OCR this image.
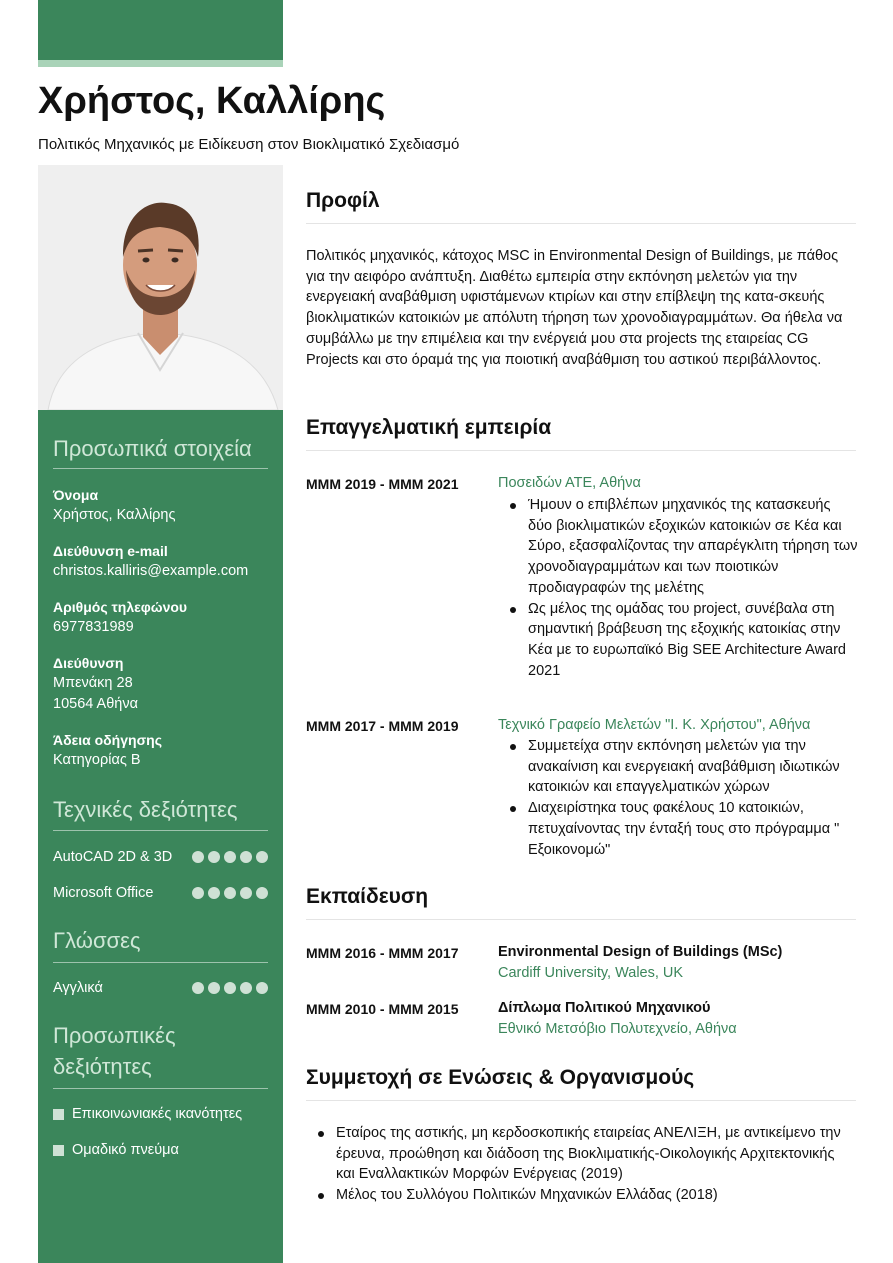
Χρήστος, Καλλίρης
Πολιτικός Μηχανικός με Ειδίκευση στον Βιοκλιματικό Σχεδιασμό
Προσωπικά στοιχεία
Όνομα
Χρήστος, Καλλίρης
Διεύθυνση e-mail
christos.kalliris@example.com
Αριθμός τηλεφώνου
6977831989
Διεύθυνση
Μπενάκη 28
10564 Αθήνα
Άδεια οδήγησης
Κατηγορίας Β
Τεχνικές δεξιότητες
AutoCAD 2D & 3D
Microsoft Office
Γλώσσες
Αγγλικά
Προσωπικές
δεξιότητες
Επικοινωνιακές ικανότητες
Ομαδικό πνεύμα
Προφίλ

Πολιτικός μηχανικός, κάτοχος MSC in Environmental Design of Buildings, με πάθος για την αειφόρο ανάπτυξη. Διαθέτω εμπειρία στην εκπόνηση μελετών για την ενεργειακή αναβάθμιση υφιστάμενων κτιρίων και στην επίβλεψη της κατα-σκευής βιοκλιματικών κατοικιών με απόλυτη τήρηση των χρονοδιαγραμμάτων. Θα ήθελα να συμβάλλω με την επιμέλεια και την ενέργειά μου στα projects της εταιρείας CG Projects και στο όραμά της για ποιοτική αναβάθμιση του αστικού περιβάλλοντος.

Επαγγελματική εμπειρία
MMM 2019 - MMM 2021	Ποσειδών ΑΤΕ, Αθήνα
Ήμουν ο επιβλέπων μηχανικός της κατασκευής δύο βιοκλιματικών εξοχικών κατοικιών σε Κέα και Σύρο, εξασφαλίζοντας την απαρέγκλιτη τήρηση των χρονοδιαγραμμάτων και των ποιοτικών προδιαγραφών της μελέτης
Ως μέλος της ομάδας του project, συνέβαλα στη σημαντική βράβευση της εξοχικής κατοικίας στην Κέα με το ευρωπαϊκό Big SEE Architecture Award 2021
MMM 2017 - MMM 2019	Τεχνικό Γραφείο Μελετών "Ι. Κ. Χρήστου", Αθήνα
Συμμετείχα στην εκπόνηση μελετών για την ανακαίνιση και ενεργειακή αναβάθμιση ιδιωτικών κατοικιών και επαγγελματικών χώρων
Διαχειρίστηκα τους φακέλους 10 κατοικιών, πετυχαίνοντας την ένταξή τους στο πρόγραμμα " Εξοικονομώ"
Εκπαίδευση
MMM 2016 - MMM 2017	Environmental Design of Buildings (MSc)
Cardiff University, Wales, UK
MMM 2010 - MMM 2015	Δίπλωμα Πολιτικού Μηχανικού
Εθνικό Μετσόβιο Πολυτεχνείο, Αθήνα
Συμμετοχή σε Ενώσεις & Οργανισμούς
Εταίρος της αστικής, μη κερδοσκοπικής εταιρείας ΑΝΕΛΙΞΗ, με αντικείμενο την έρευνα, προώθηση και διάδοση της Βιοκλιματικής-Οικολογικής Αρχιτεκτονικής και Εναλλακτικών Μορφών Ενέργειας (2019)
Μέλος του Συλλόγου Πολιτικών Μηχανικών Ελλάδας (2018)
